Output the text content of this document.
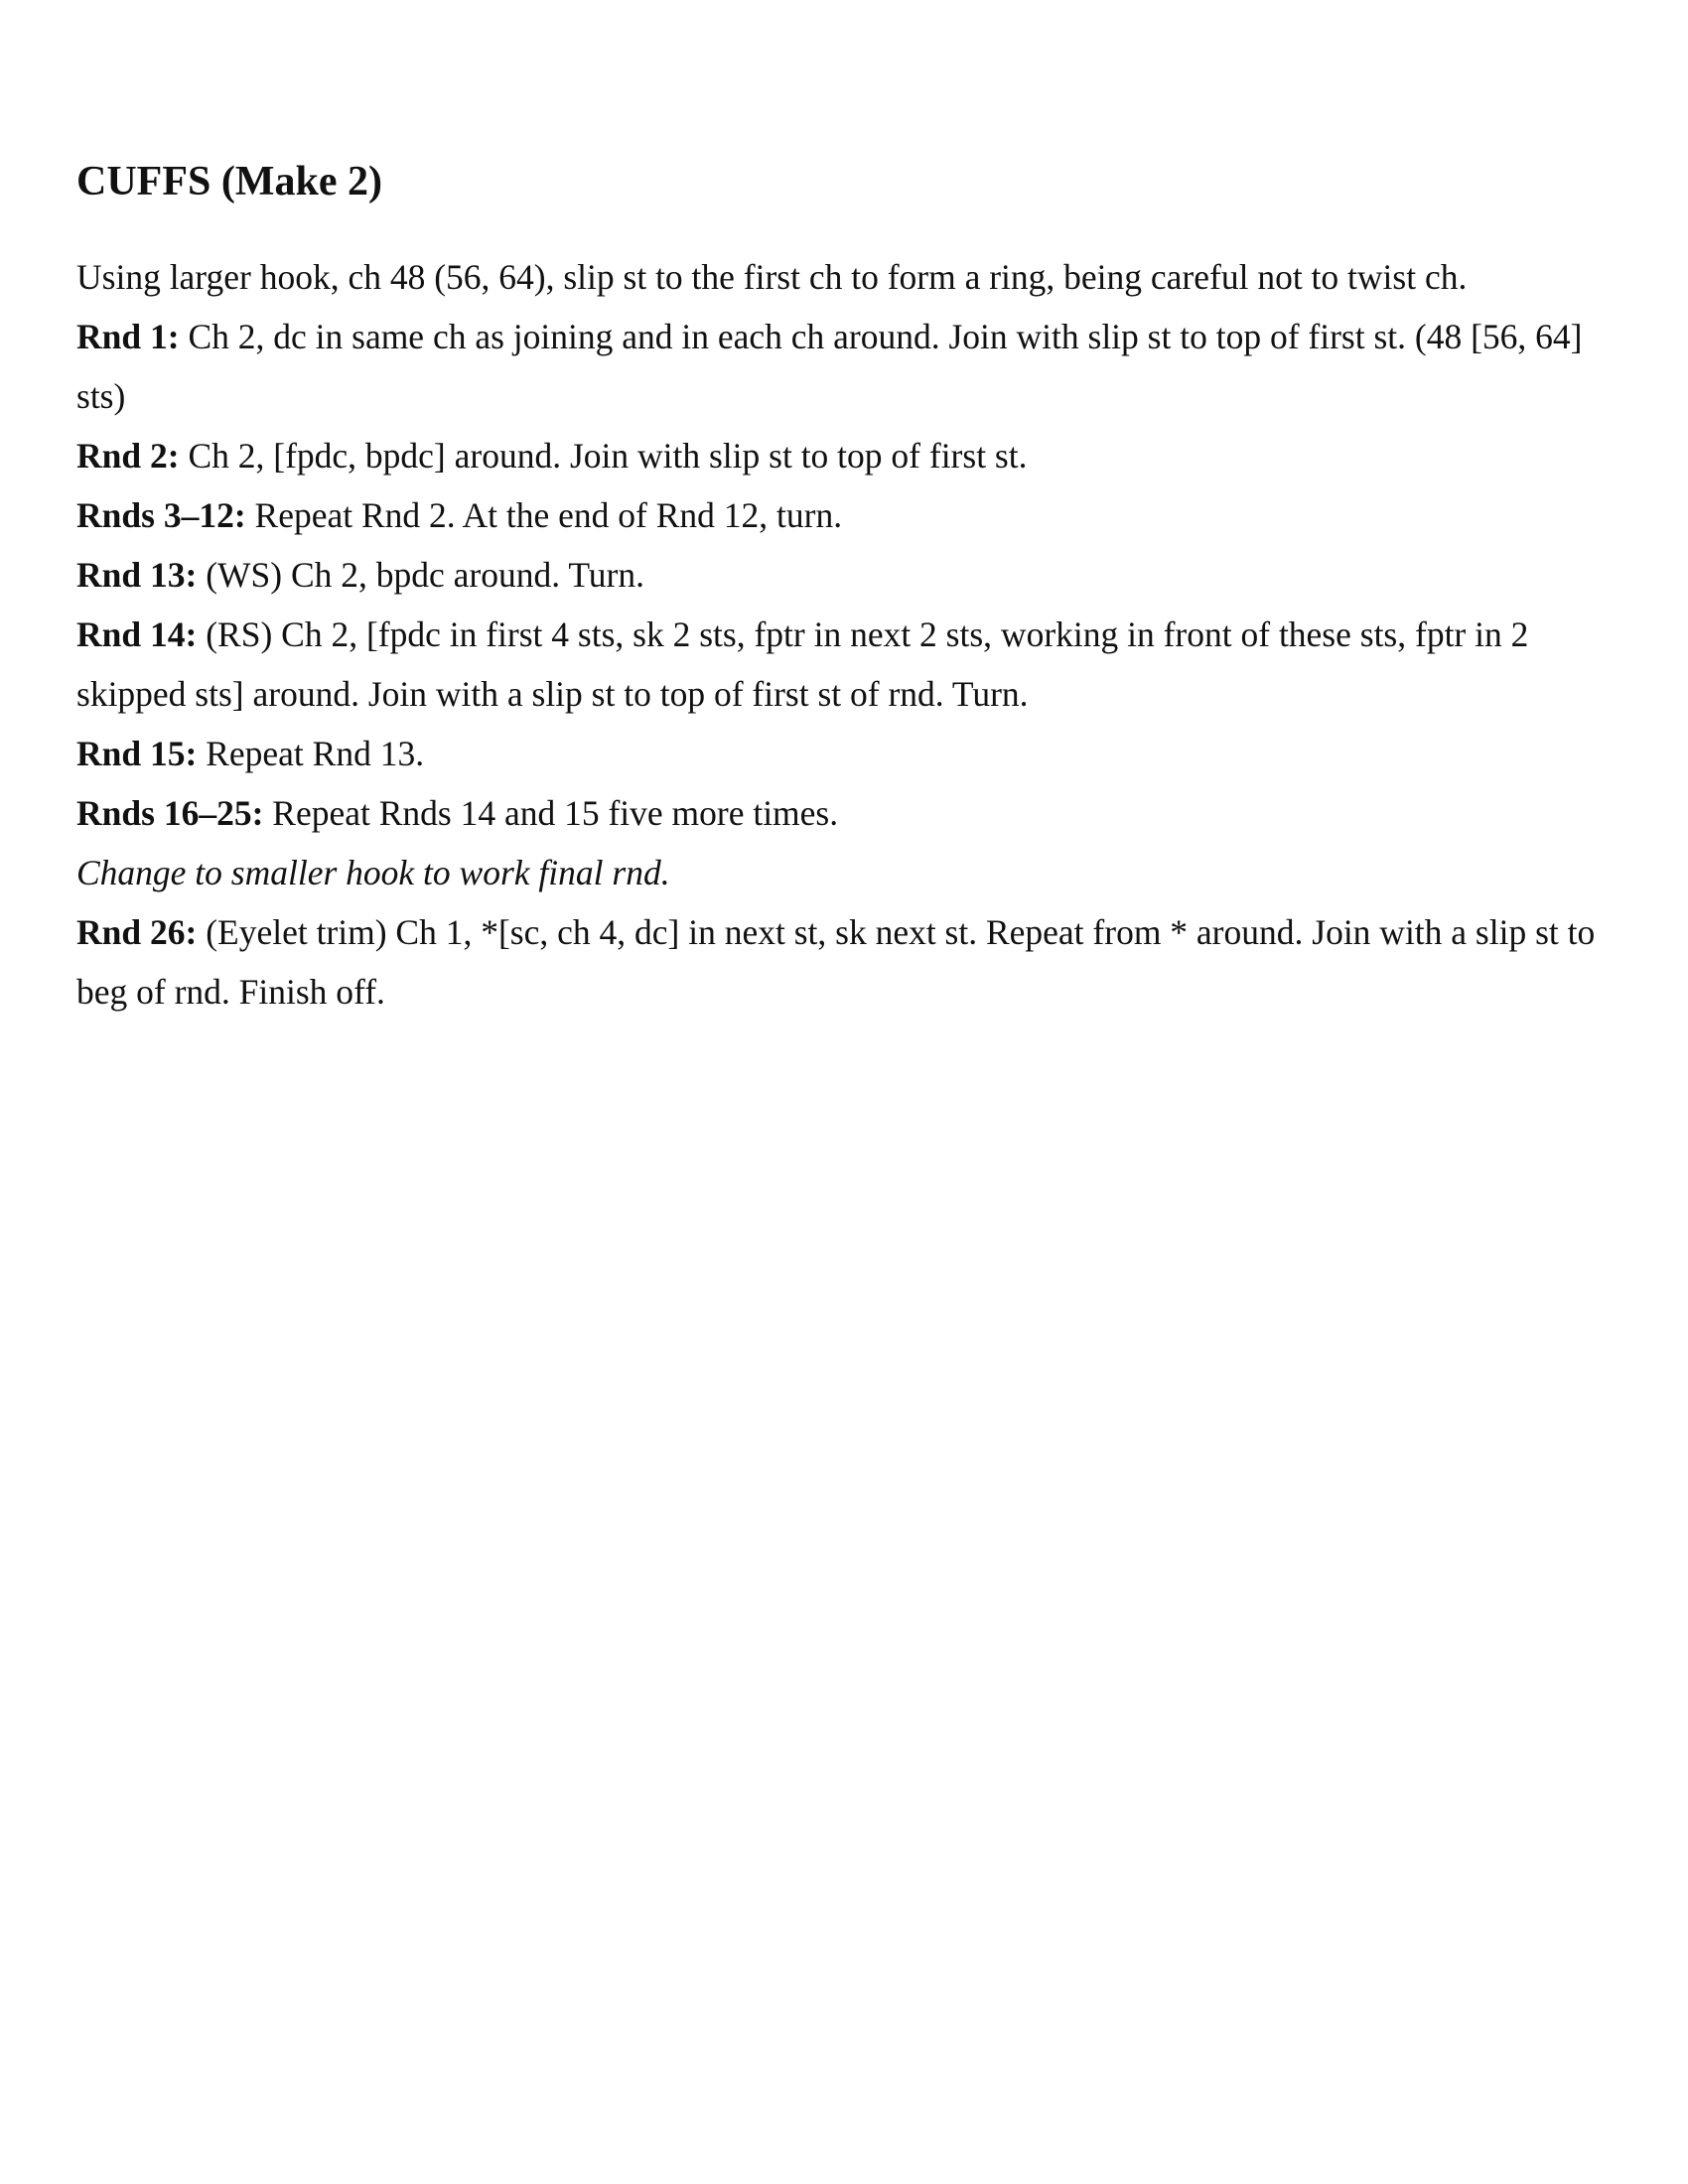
CUFFS (Make 2)

Using larger hook, ch 48 (56, 64), slip st to the first ch to form a ring, being careful not to twist ch.

Rnd 1: Ch 2, dc in same ch as joining and in each ch around. Join with slip st to top of first st. (48 [56, 64] sts)

Rnd 2: Ch 2, [fpdc, bpdc] around. Join with slip st to top of first st.

Rnds 3–12: Repeat Rnd 2. At the end of Rnd 12, turn.

Rnd 13: (WS) Ch 2, bpdc around. Turn.

Rnd 14: (RS) Ch 2, [fpdc in first 4 sts, sk 2 sts, fptr in next 2 sts, working in front of these sts, fptr in 2 skipped sts] around. Join with a slip st to top of first st of rnd. Turn.

Rnd 15: Repeat Rnd 13.

Rnds 16–25: Repeat Rnds 14 and 15 five more times.

Change to smaller hook to work final rnd.

Rnd 26: (Eyelet trim) Ch 1, *[sc, ch 4, dc] in next st, sk next st. Repeat from * around. Join with a slip st to beg of rnd. Finish off.
